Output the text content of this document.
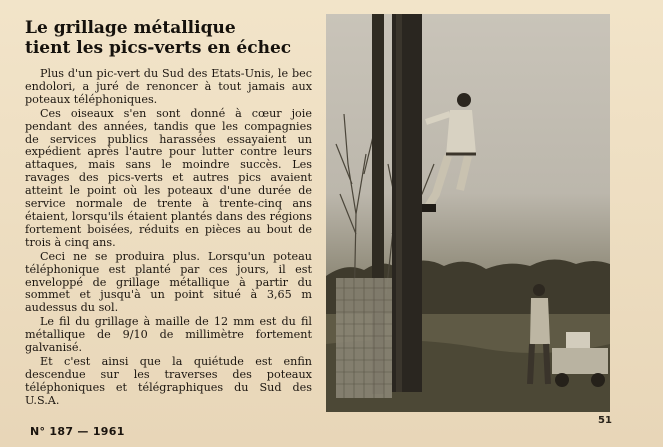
Le grillage métallique
tient les pics-verts en échec

Plus d'un pic-vert du Sud des Etats-Unis, le bec endolori, a juré de renoncer à tout jamais aux poteaux téléphoniques.

Ces oiseaux s'en sont donné à cœur joie pendant des années, tandis que les compagnies de services publics harassées essayaient un expédient après l'autre pour lutter contre leurs attaques, mais sans le moindre succès. Les ravages des pics-verts et autres pics avaient atteint le point où les poteaux d'une durée de service normale de trente à trente-cinq ans étaient, lorsqu'ils étaient plantés dans des régions fortement boisées, réduits en pièces au bout de trois à cinq ans.

Ceci ne se produira plus. Lorsqu'un poteau téléphonique est planté par ces jours, il est enveloppé de grillage métallique à partir du sommet et jusqu'à un point situé à 3,65 m audessus du sol.

Le fil du grillage à maille de 12 mm est du fil métallique de 9/10 de millimètre fortement galvanisé.

Et c'est ainsi que la quiétude est enfin descendue sur les traverses des poteaux téléphoniques et télégraphiques du Sud des U.S.A.

N° 187 — 1961
51
